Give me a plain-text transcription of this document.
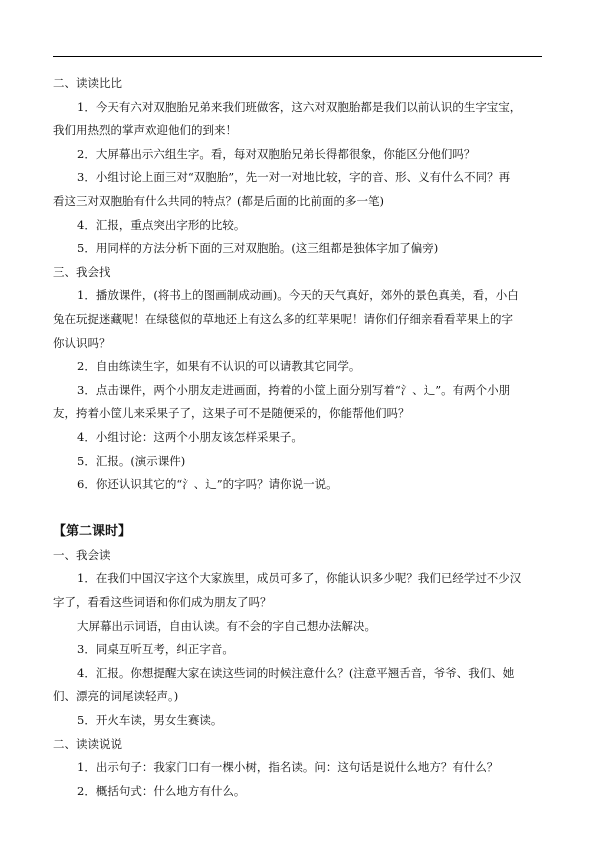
二、读读比比
1．今天有六对双胞胎兄弟来我们班做客，这六对双胞胎都是我们以前认识的生字宝宝，
我们用热烈的掌声欢迎他们的到来！
2．大屏幕出示六组生字。看，每对双胞胎兄弟长得都很象，你能区分他们吗？
3．小组讨论上面三对“双胞胎”，先一对一对地比较，字的音、形、义有什么不同？再
看这三对双胞胎有什么共同的特点？(都是后面的比前面的多一笔)
4．汇报，重点突出字形的比较。
5．用同样的方法分析下面的三对双胞胎。(这三组都是独体字加了偏旁)
三、我会找
1．播放课件，(将书上的图画制成动画)。今天的天气真好，郊外的景色真美，看，小白
兔在玩捉迷藏呢！在绿毯似的草地还上有这么多的红苹果呢！请你们仔细亲看看苹果上的字
你认识吗？
2．自由练读生字，如果有不认识的可以请教其它同学。
3．点击课件，两个小朋友走进画面，挎着的小筐上面分别写着“氵、辶”。有两个小朋
友，挎着小筐儿来采果子了，这果子可不是随便采的，你能帮他们吗？
4．小组讨论：这两个小朋友该怎样采果子。
5．汇报。(演示课件)
6．你还认识其它的“氵、辶”的字吗？请你说一说。
【第二课时】
一、我会读
1．在我们中国汉字这个大家族里，成员可多了，你能认识多少呢？我们已经学过不少汉
字了，看看这些词语和你们成为朋友了吗？
大屏幕出示词语，自由认读。有不会的字自己想办法解决。
3．同桌互听互考，纠正字音。
4．汇报。你想提醒大家在读这些词的时候注意什么？(注意平翘舌音，爷爷、我们、她
们、漂亮的词尾读轻声。)
5．开火车读，男女生赛读。
二、读读说说
1．出示句子：我家门口有一棵小树，指名读。问：这句话是说什么地方？有什么？
2．概括句式：什么地方有什么。
